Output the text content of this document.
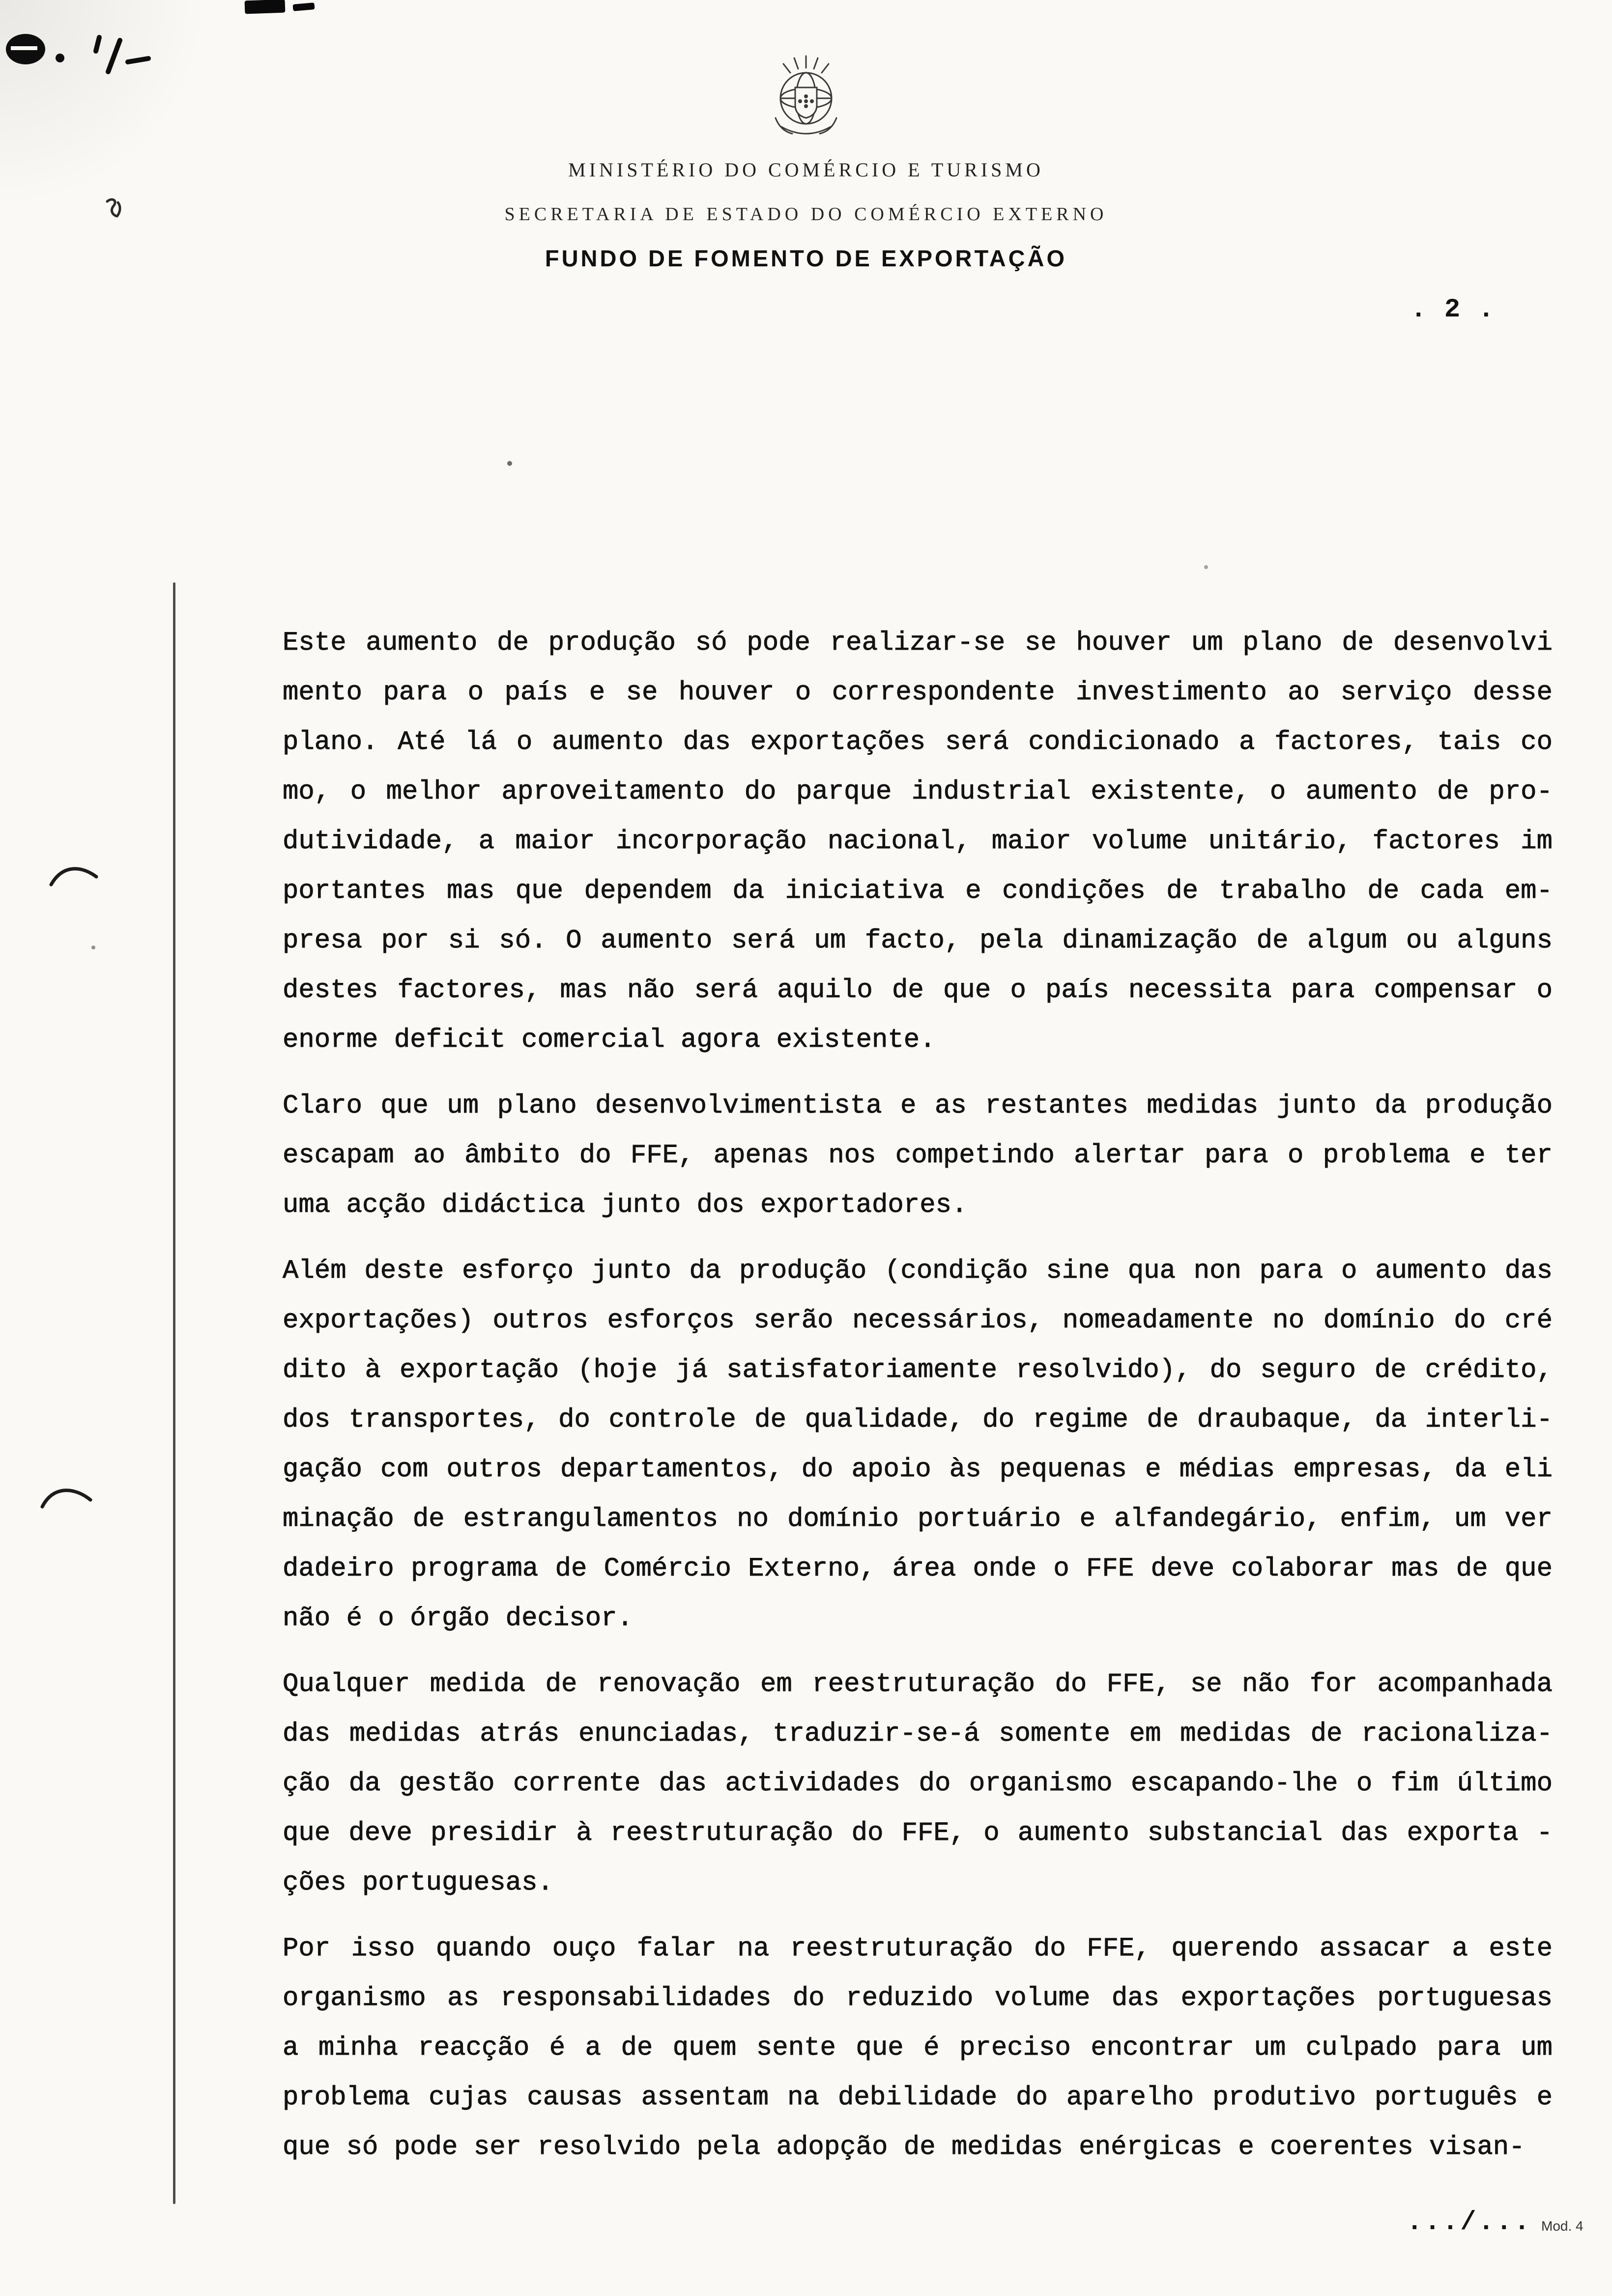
MINISTÉRIO DO COMÉRCIO E TURISMO
SECRETARIA DE ESTADO DO COMÉRCIO EXTERNO
FUNDO DE FOMENTO DE EXPORTAÇÃO
. 2 .
Este aumento de produção só pode realizar-se se houver um plano de desenvolvi
mento para o país e se houver o correspondente investimento ao serviço desse
plano. Até lá o aumento das exportações será condicionado a factores, tais co
mo, o melhor aproveitamento do parque industrial existente, o aumento de pro-
dutividade, a maior incorporação nacional, maior volume unitário, factores im
portantes mas que dependem da iniciativa e condições de trabalho de cada em-
presa por si só. O aumento será um facto, pela dinamização de algum ou alguns
destes factores, mas não será aquilo de que o país necessita para compensar o
enorme deficit comercial agora existente.
Claro que um plano desenvolvimentista e as restantes medidas junto da produção
escapam ao âmbito do FFE, apenas nos competindo alertar para o problema e ter
uma acção didáctica junto dos exportadores.
Além deste esforço junto da produção (condição sine qua non para o aumento das
exportações) outros esforços serão necessários, nomeadamente no domínio do cré
dito à exportação (hoje já satisfatoriamente resolvido), do seguro de crédito,
dos transportes, do controle de qualidade, do regime de draubaque, da interli-
gação com outros departamentos, do apoio às pequenas e médias empresas, da eli
minação de estrangulamentos no domínio portuário e alfandegário, enfim, um ver
dadeiro programa de Comércio Externo, área onde o FFE deve colaborar mas de que
não é o órgão decisor.
Qualquer medida de renovação em reestruturação do FFE, se não for acompanhada
das medidas atrás enunciadas, traduzir-se-á somente em medidas de racionaliza-
ção da gestão corrente das actividades do organismo escapando-lhe o fim último
que deve presidir à reestruturação do FFE, o aumento substancial das exporta -
ções portuguesas.
Por isso quando ouço falar na reestruturação do FFE, querendo assacar a este
organismo as responsabilidades do reduzido volume das exportações portuguesas
a minha reacção é a de quem sente que é preciso encontrar um culpado para um
problema cujas causas assentam na debilidade do aparelho produtivo português e
que só pode ser resolvido pela adopção de medidas enérgicas e coerentes visan-
.../... Mod. 4
